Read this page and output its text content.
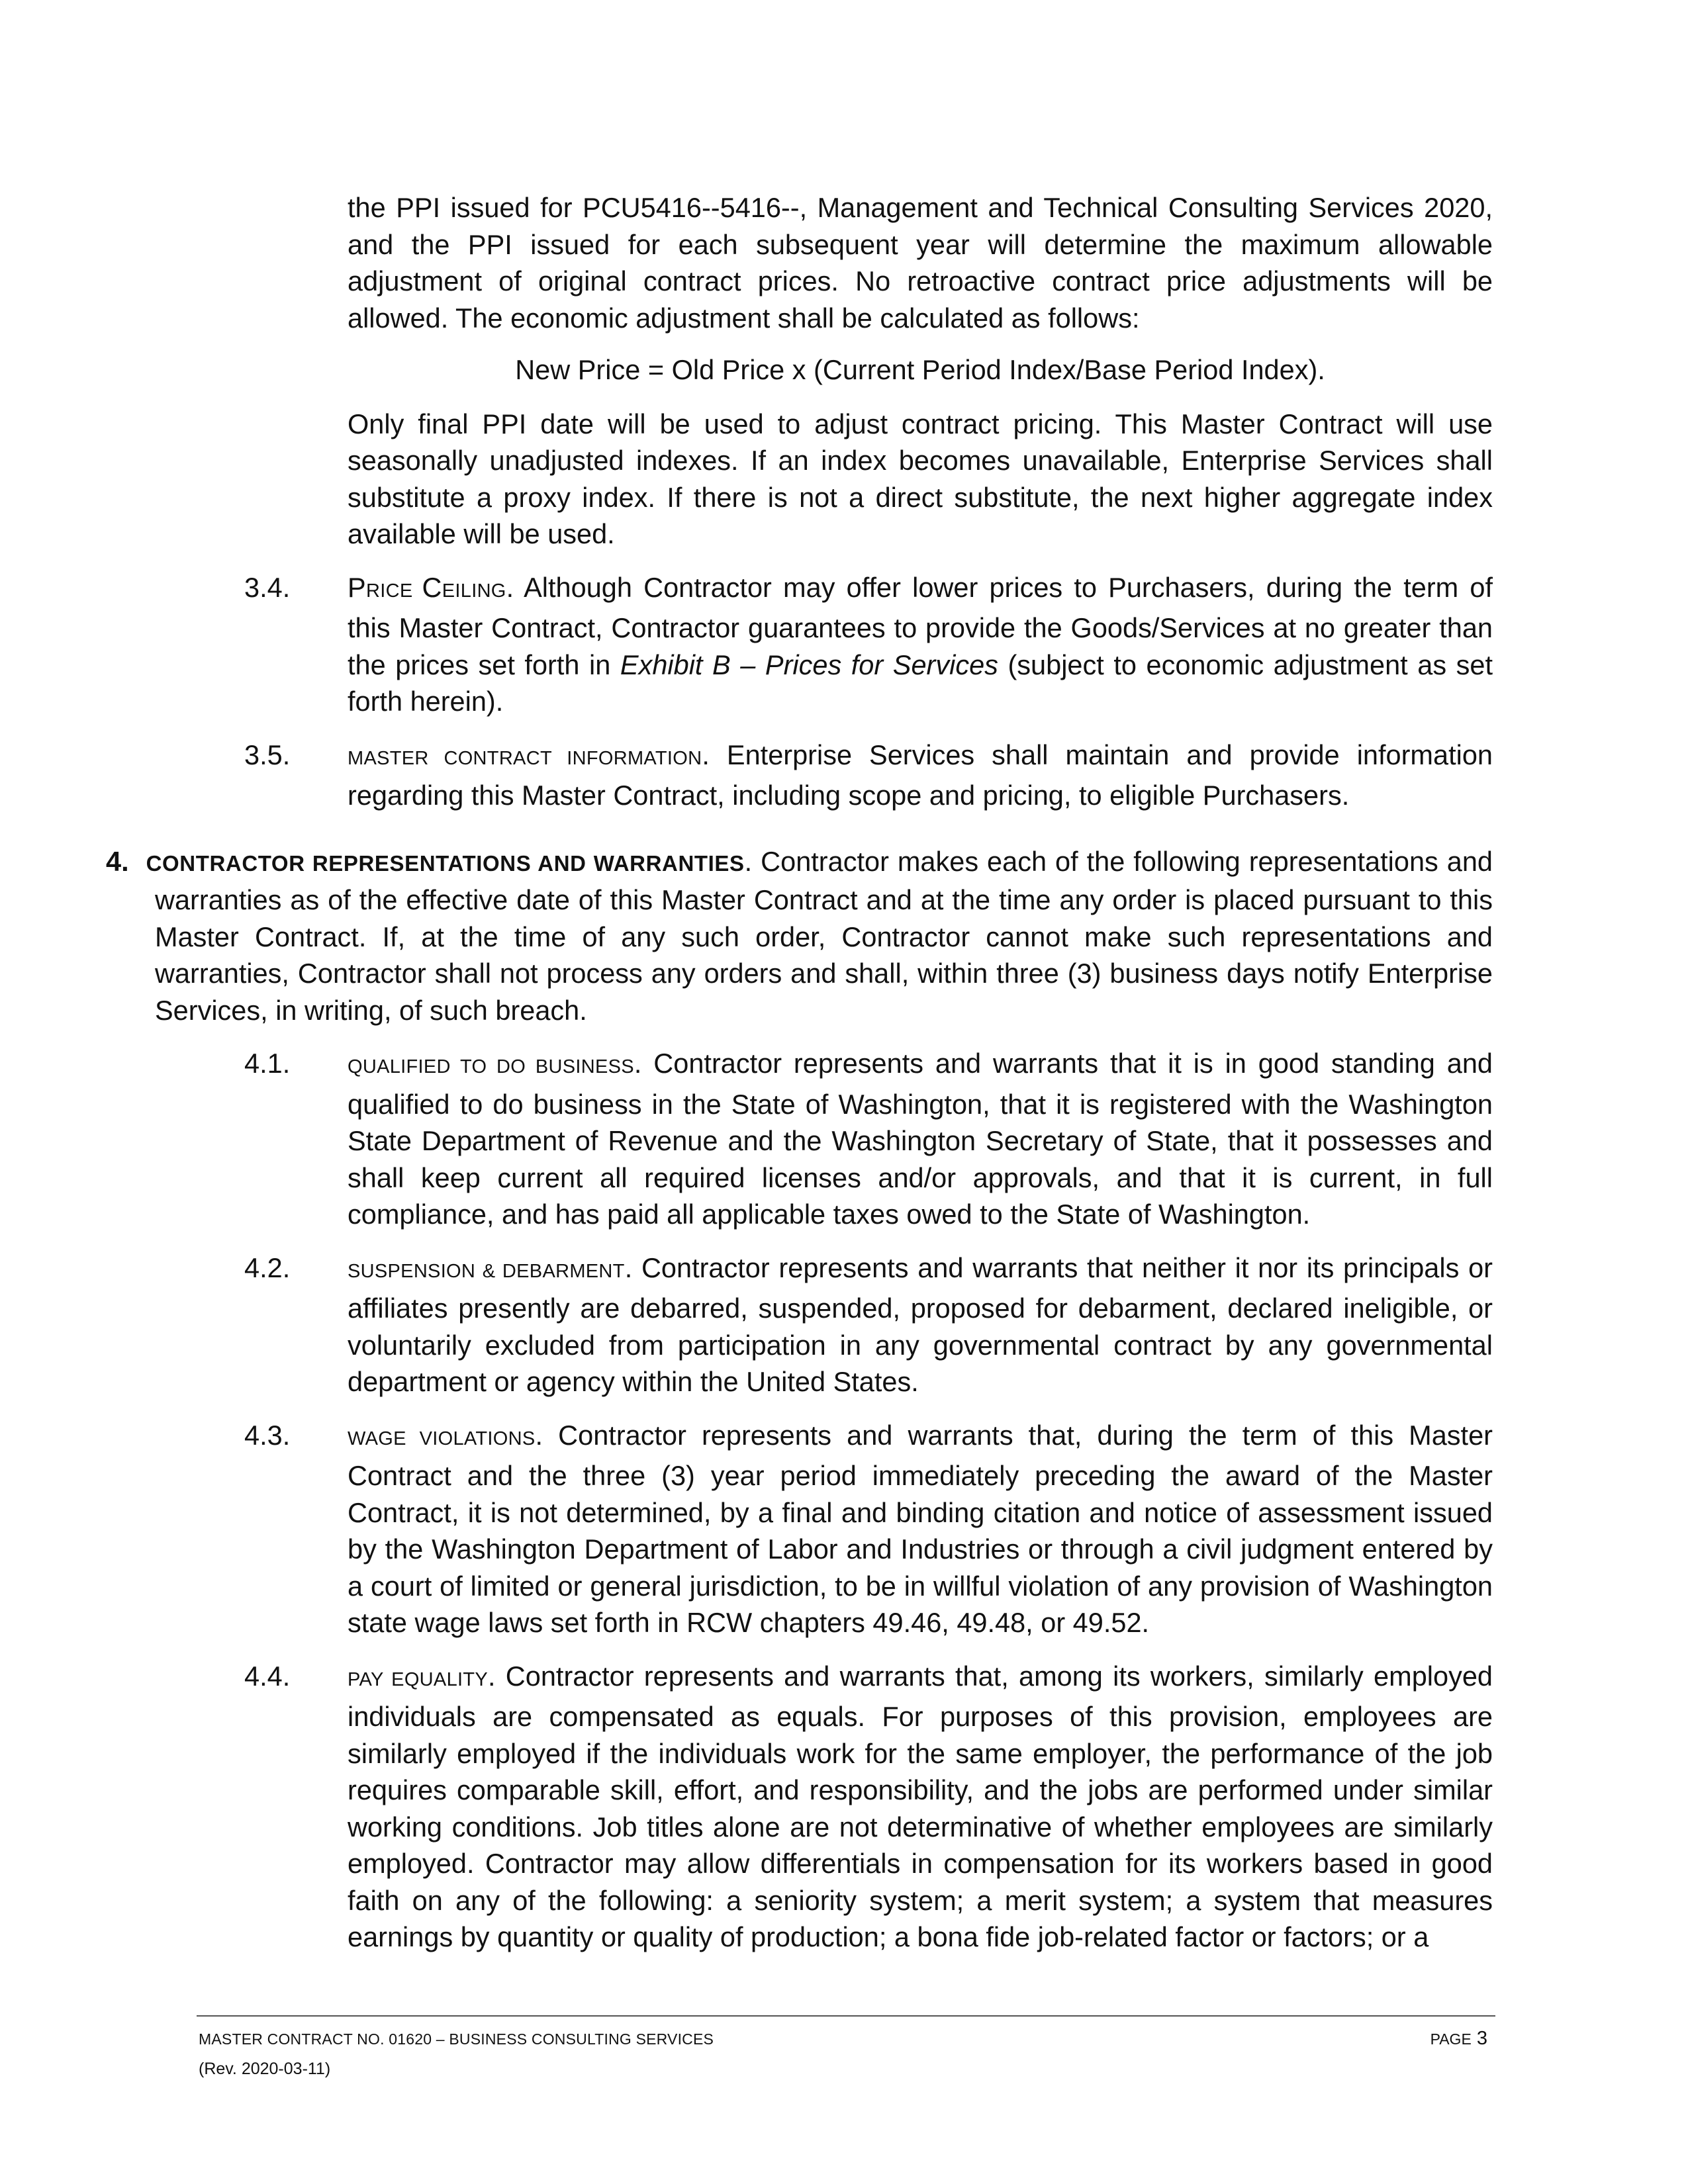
the PPI issued for PCU5416--5416--, Management and Technical Consulting Services 2020, and the PPI issued for each subsequent year will determine the maximum allowable adjustment of original contract prices. No retroactive contract price adjustments will be allowed. The economic adjustment shall be calculated as follows:

New Price = Old Price x (Current Period Index/Base Period Index).

Only final PPI date will be used to adjust contract pricing. This Master Contract will use seasonally unadjusted indexes. If an index becomes unavailable, Enterprise Services shall substitute a proxy index. If there is not a direct substitute, the next higher aggregate index available will be used.

3.4. PRICE CEILING. Although Contractor may offer lower prices to Purchasers, during the term of this Master Contract, Contractor guarantees to provide the Goods/Services at no greater than the prices set forth in Exhibit B – Prices for Services (subject to economic adjustment as set forth herein).
3.5.	MASTER CONTRACT INFORMATION. Enterprise Services shall maintain and provide information regarding this Master Contract, including scope and pricing, to eligible Purchasers.
4. CONTRACTOR REPRESENTATIONS AND WARRANTIES. Contractor makes each of the following representations and warranties as of the effective date of this Master Contract and at the time any order is placed pursuant to this Master Contract. If, at the time of any such order, Contractor cannot make such representations and warranties, Contractor shall not process any orders and shall, within three (3) business days notify Enterprise Services, in writing, of such breach.
4.1.	QUALIFIED TO DO BUSINESS. Contractor represents and warrants that it is in good standing and qualified to do business in the State of Washington, that it is registered with the Washington State Department of Revenue and the Washington Secretary of State, that it possesses and shall keep current all required licenses and/or approvals, and that it is current, in full compliance, and has paid all applicable taxes owed to the State of Washington.
4.2.	SUSPENSION & DEBARMENT. Contractor represents and warrants that neither it nor its principals or affiliates presently are debarred, suspended, proposed for debarment, declared ineligible, or voluntarily excluded from participation in any governmental contract by any governmental department or agency within the United States.
4.3.	WAGE VIOLATIONS. Contractor represents and warrants that, during the term of this Master Contract and the three (3) year period immediately preceding the award of the Master Contract, it is not determined, by a final and binding citation and notice of assessment issued by the Washington Department of Labor and Industries or through a civil judgment entered by a court of limited or general jurisdiction, to be in willful violation of any provision of Washington state wage laws set forth in RCW chapters 49.46, 49.48, or 49.52.
4.4.	PAY EQUALITY. Contractor represents and warrants that, among its workers, similarly employed individuals are compensated as equals. For purposes of this provision, employees are similarly employed if the individuals work for the same employer, the performance of the job requires comparable skill, effort, and responsibility, and the jobs are performed under similar working conditions. Job titles alone are not determinative of whether employees are similarly employed. Contractor may allow differentials in compensation for its workers based in good faith on any of the following: a seniority system; a merit system; a system that measures earnings by quantity or quality of production; a bona fide job-related factor or factors; or a
MASTER CONTRACT NO. 01620 – BUSINESS CONSULTING SERVICES
(Rev. 2020-03-11)
PAGE 3
